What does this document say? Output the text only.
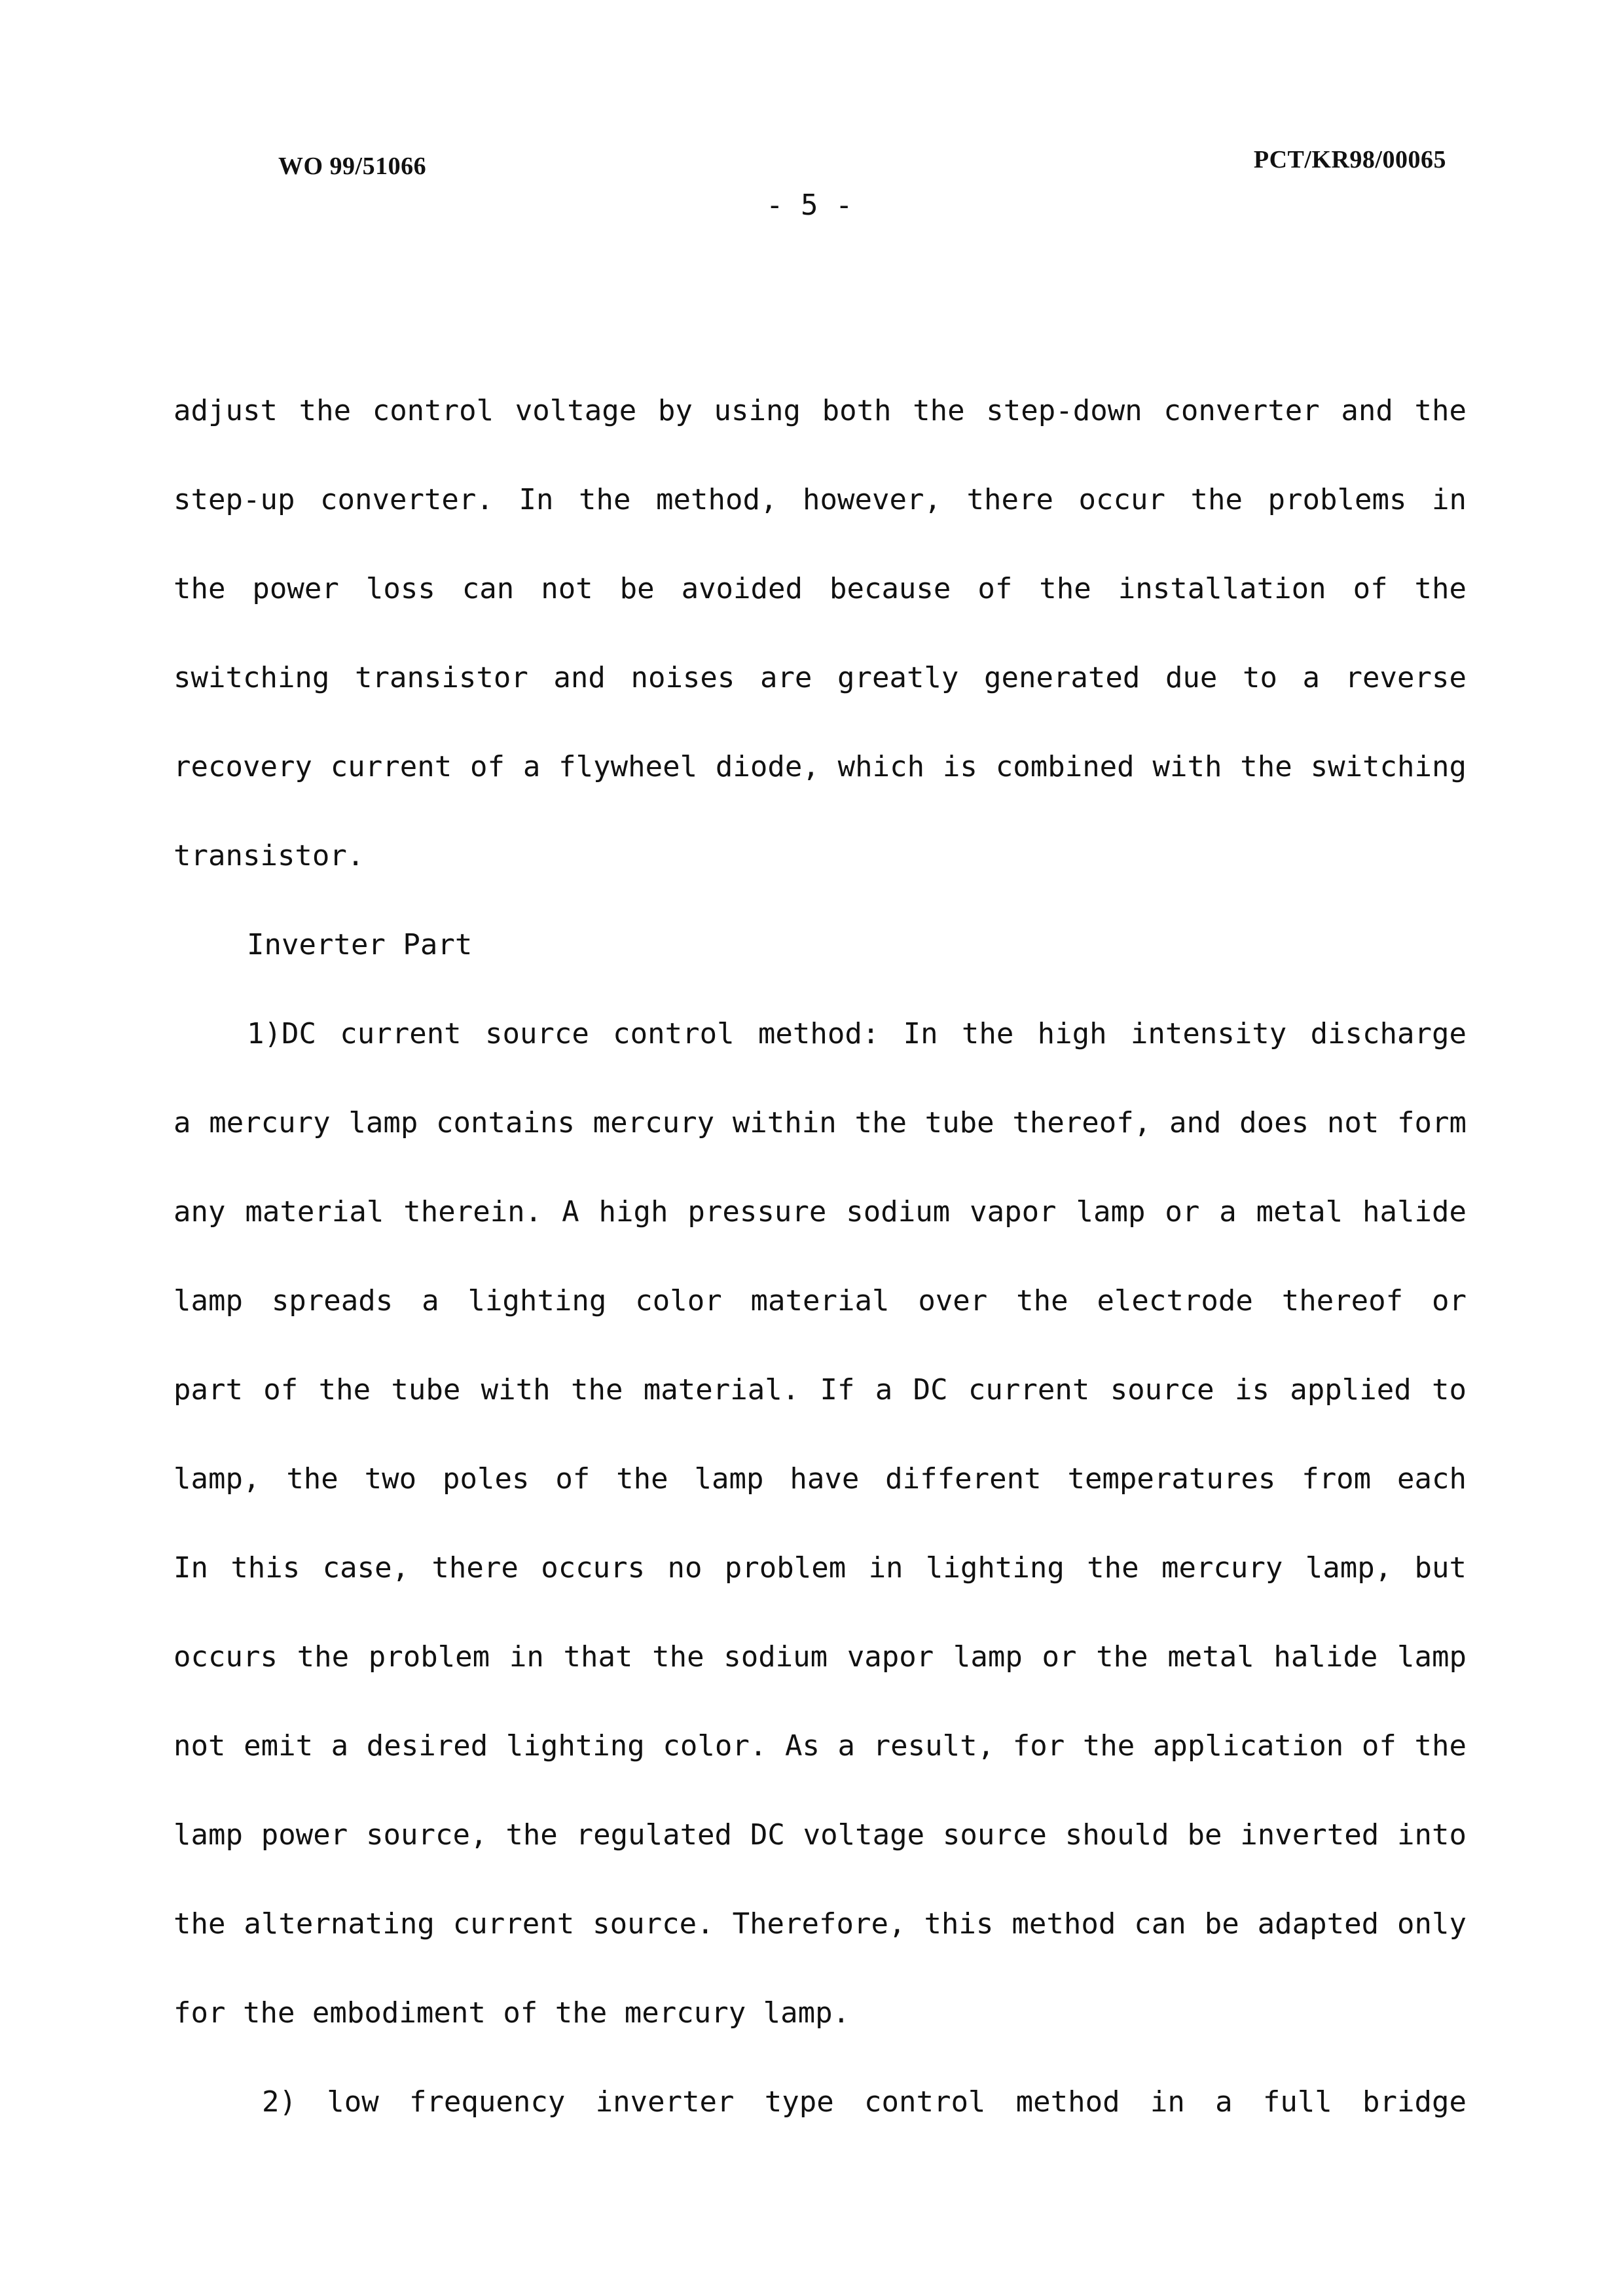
WO 99/51066	PCT/KR98/00065
- 5 -
adjust the control voltage by using both the step-down converter and the
step-up converter. In the method, however, there occur the problems in
the power loss can not be avoided because of the installation of the
switching transistor and noises are greatly generated due to a reverse
recovery current of a flywheel diode, which is combined with the switching
transistor.
Inverter Part
1)DC current source control method: In the high intensity discharge
a mercury lamp contains mercury within the tube thereof, and does not form
any material therein. A high pressure sodium vapor lamp or a metal halide
lamp spreads a lighting color material over the electrode thereof or
part of the tube with the material. If a DC current source is applied to
lamp, the two poles of the lamp have different temperatures from each
In this case, there occurs no problem in lighting the mercury lamp, but
occurs the problem in that the sodium vapor lamp or the metal halide lamp
not emit a desired lighting color. As a result, for the application of the
lamp power source, the regulated DC voltage source should be inverted into
the alternating current source. Therefore, this method can be adapted only
for the embodiment of the mercury lamp.
2) low frequency inverter type control method in a full bridge
